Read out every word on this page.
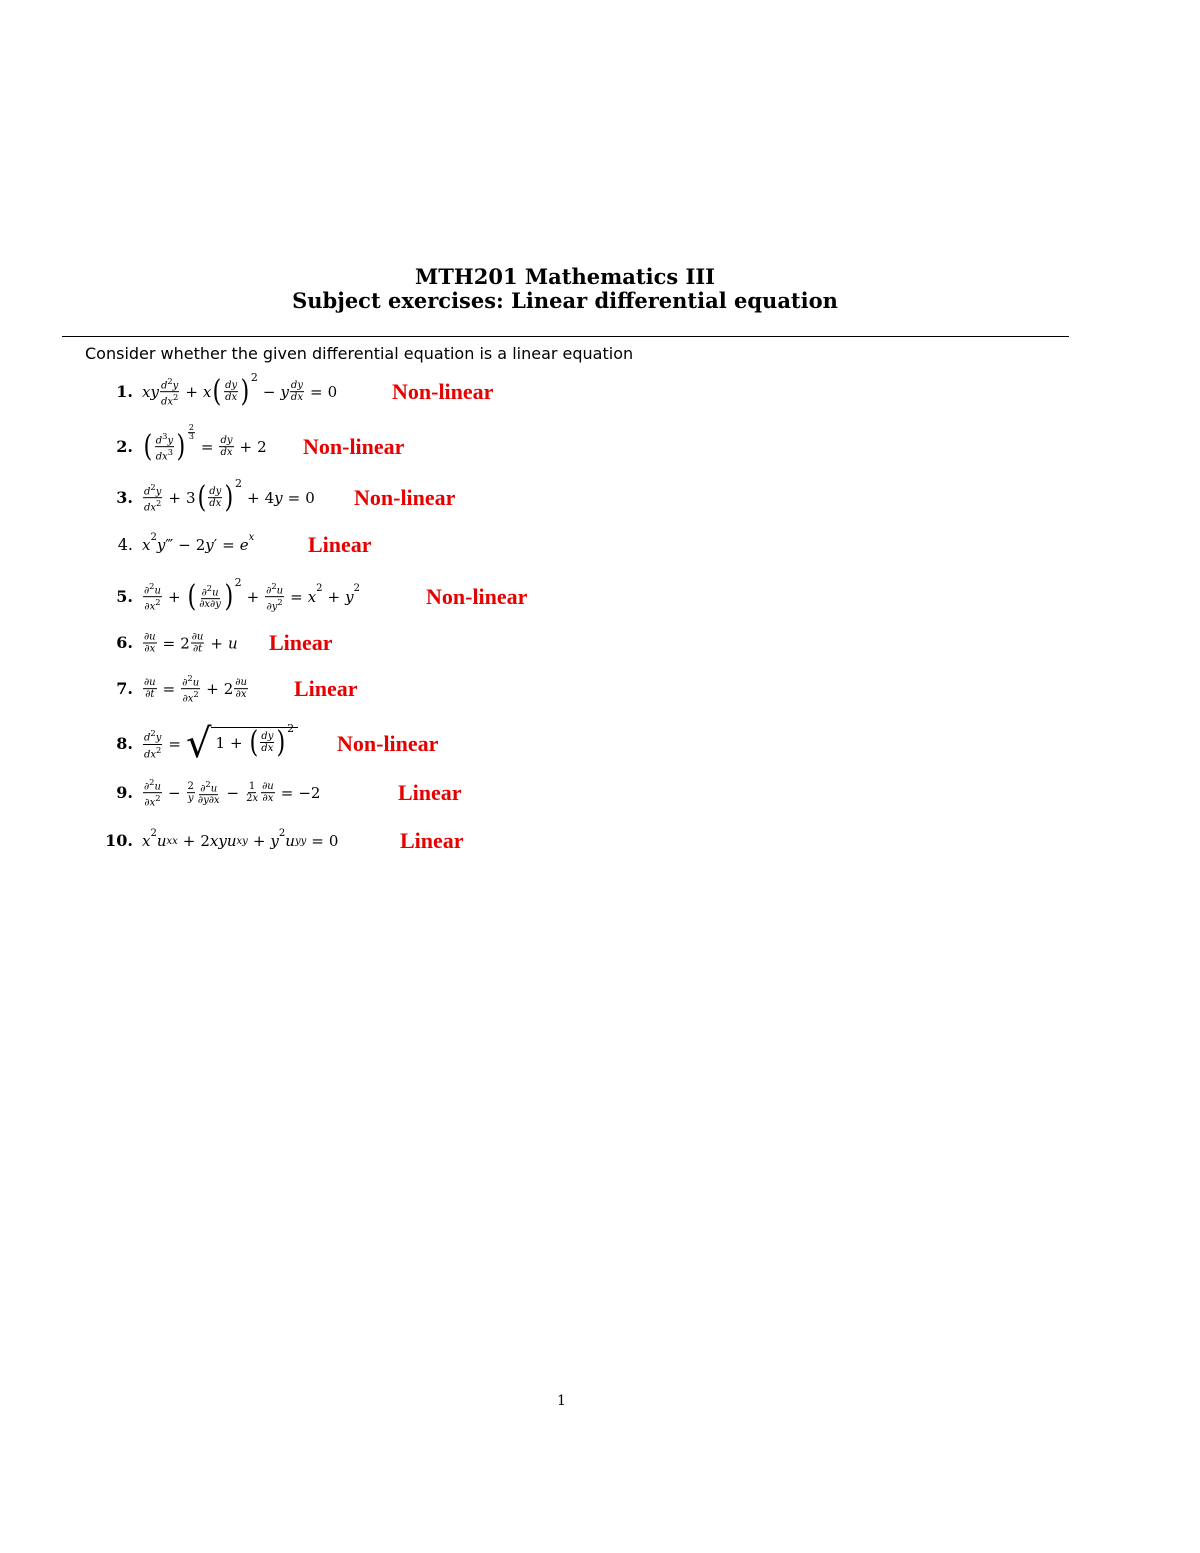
MTH201 Mathematics III
Subject exercises: Linear differential equation
Consider whether the given differential equation is a linear equation
1. xy $\frac{d^2y}{dx^2} + x$ ( $\frac{dy}{dx}$ ) 2
− y $\frac{dy}{dx} = 0$ Non-linear
2. ( $\frac{d^3y}{dx^3}$ ) $\frac{2}{3}$
= $\frac{dy}{dx} + 2$ Non-linear
3. $\frac{d^2y}{dx^2} + 3$ ( $\frac{dy}{dx}$ ) 2
+ 4 y = 0 Non-linear
4. x 2 y ‴ − 2 y ′ = e x Linear
5. $\frac{\partial^2u}{\partial x^2}$ + ( $\frac{\partial^2u}{\partial x\partial y}$ ) 2
+ $\frac{\partial^2u}{\partial y^2} = x$ 2 + y 2	Non-linear
6. $\frac{\partial u}{\partial x} = 2 \frac{\partial u}{\partial t} + u$ Linear
7. $\frac{\partial u}{\partial t} = \frac{\partial^2u}{\partial x^2} + 2 \frac{\partial u}{\partial x}$ Linear
8. $\frac{d^2y}{dx^2}$ = √ 1 + ( $\frac{dy}{dx}$ ) 2
Non-linear
9. $\frac{\partial^2u}{\partial x^2} - \frac{2}{y} \frac{\partial^2u}{\partial y\partial x} - \frac{1}{2x} \frac{\partial u}{\partial x} = -2$	Linear
10. x 2 u xx + 2 xyu xy + y 2 u yy = 0	Linear
1
